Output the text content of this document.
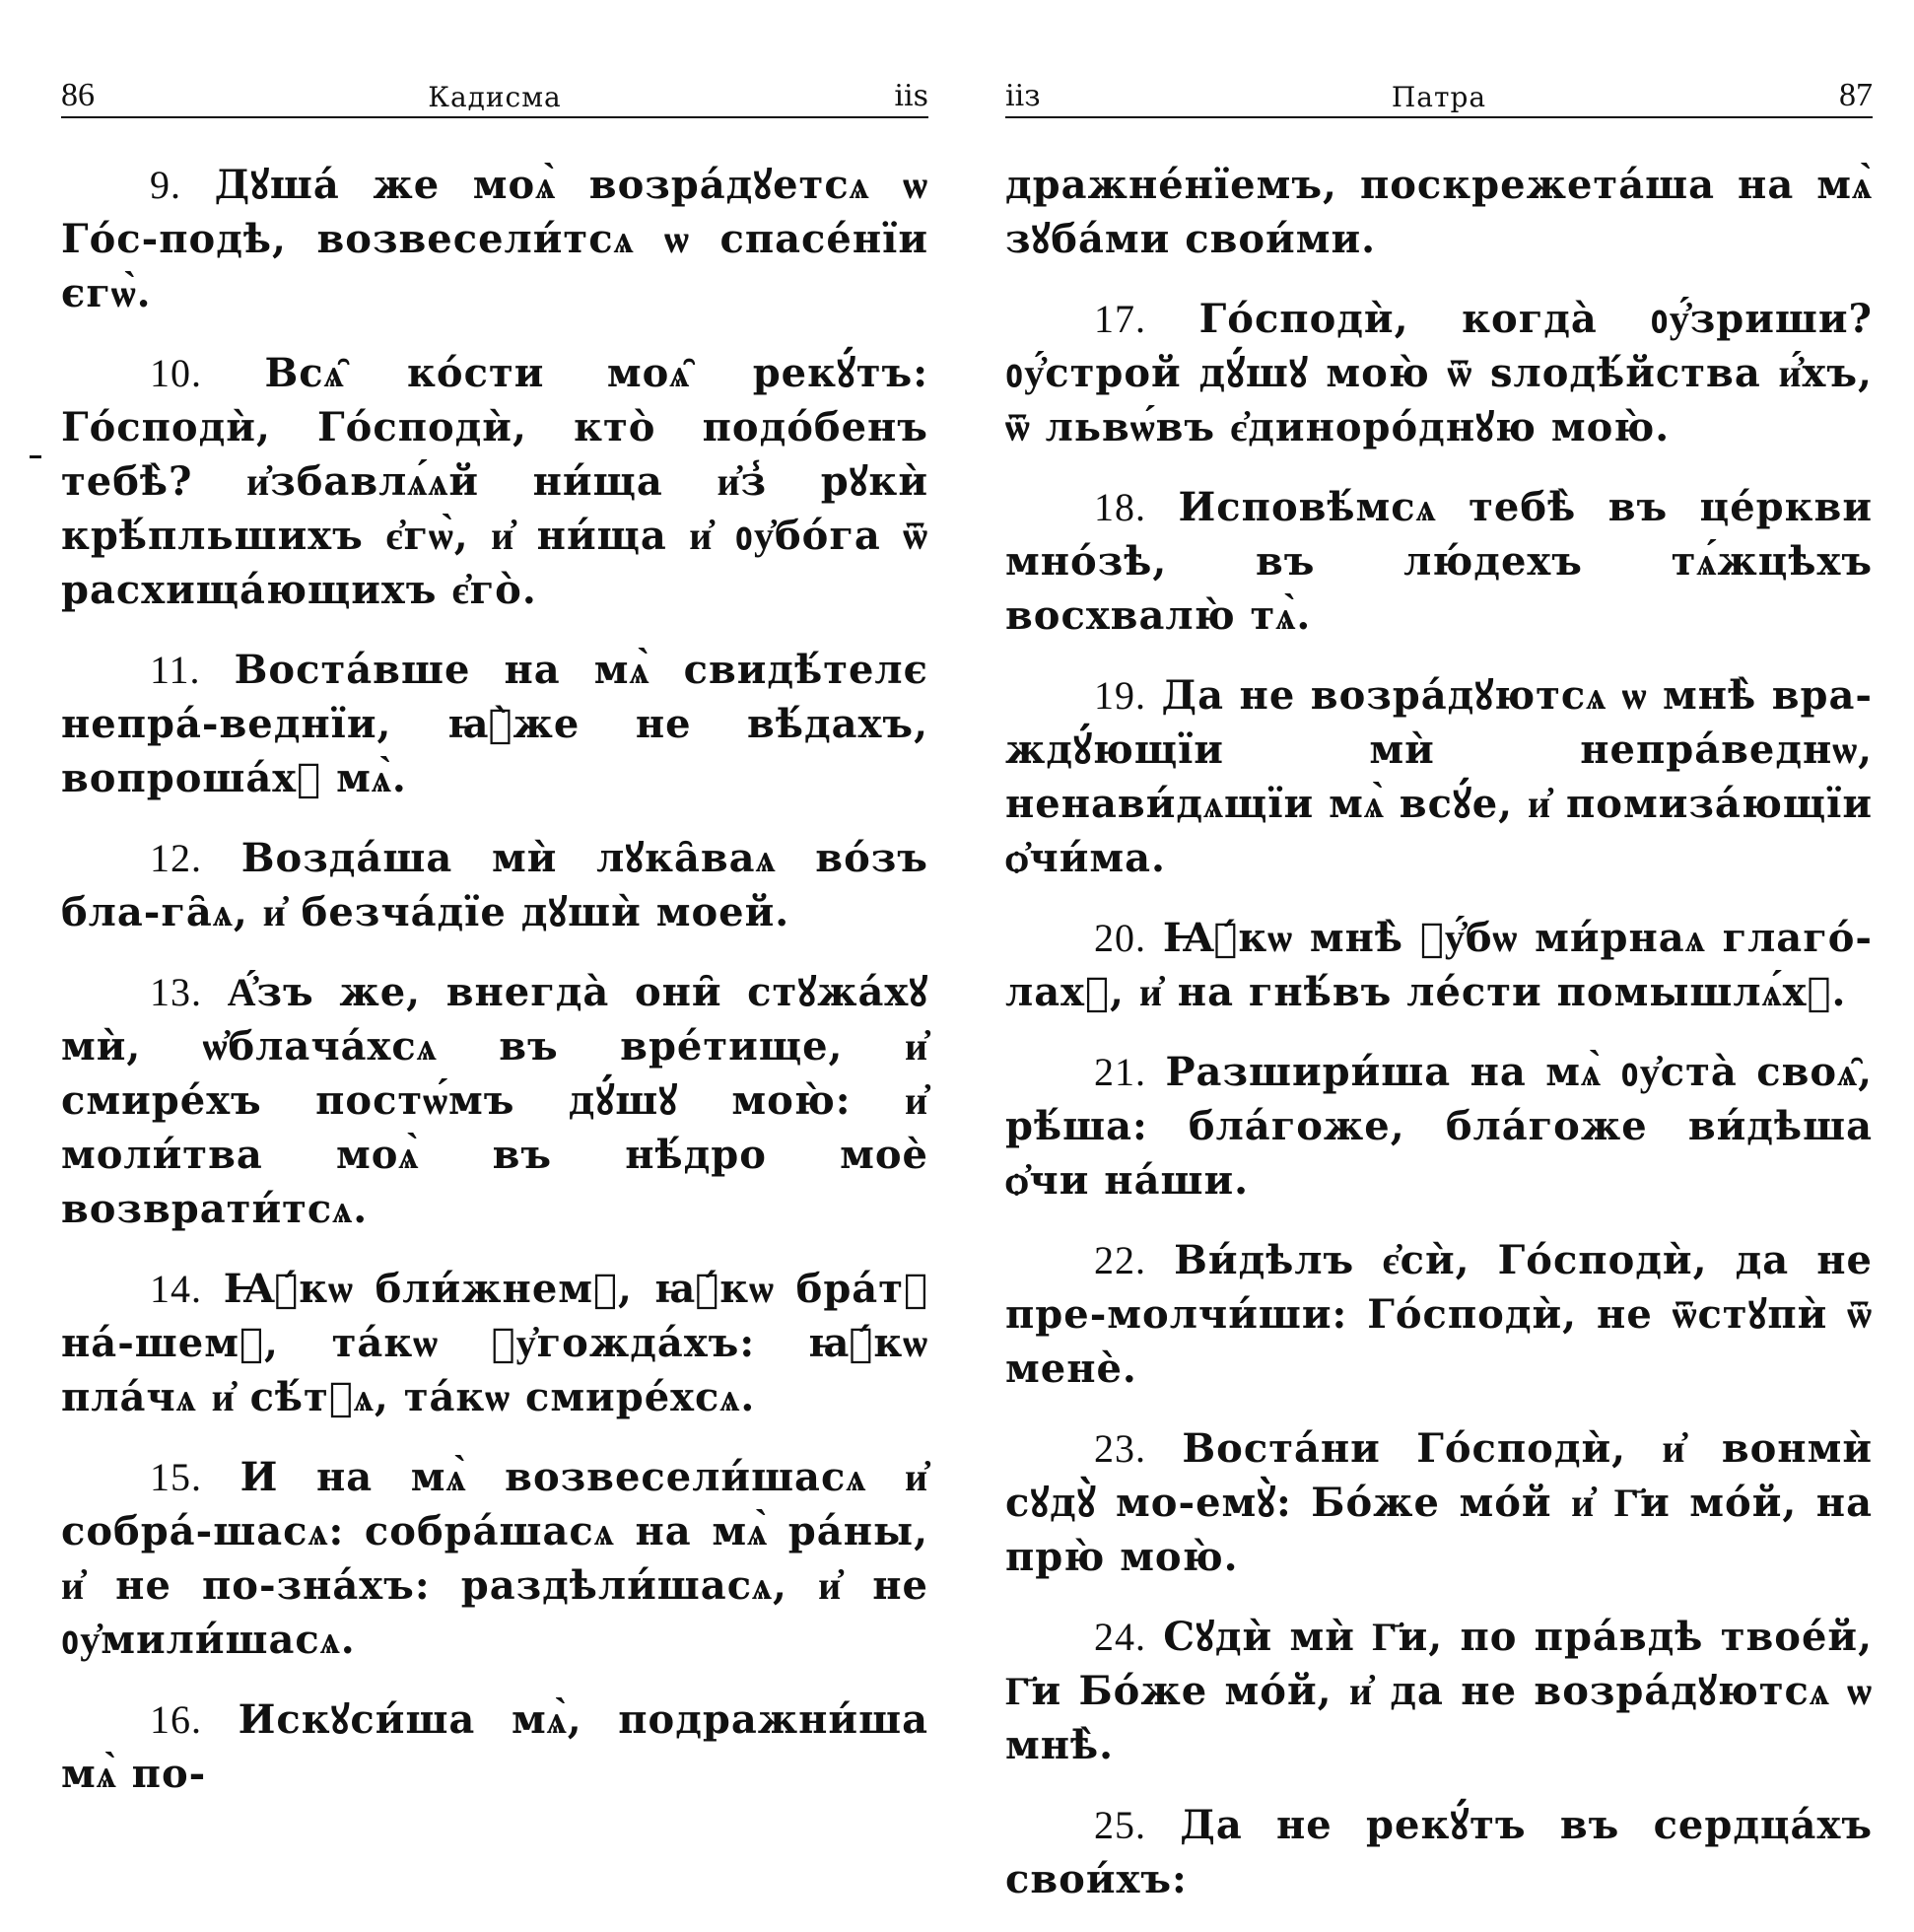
86	Кадисма	ііѕ

9. Дꙋша́ же моѧ̀ возра́дꙋетсѧ ѡ Го́с-подѣ, возвесели́тсѧ ѡ спасе́нїи єгѡ̀.

10. Всѧ̑ ко́сти моѧ̑ рекꙋ́тъ: Го́сподѝ, Го́сподѝ, кто̀ подо́бенъ тебѣ̀? и҆збавлѧ́ѧй ни́ща и҆з̾ рꙋкѝ крѣ́пльшихъ є҆гѡ̀, и҆ ни́ща и҆ ᲂу҆бо́га ѿ расхища́ющихъ є҆го̀.

11. Воста́вше на мѧ̀ свидѣ́телє непра́-веднїи, ꙗ҆̀же не вѣ́дахъ, вопроша́хꙋ мѧ̀.

12. Возда́ша мѝ лꙋка̑ваѧ во́зъ бла-га̑ѧ, и҆ безча́дїе дꙋшѝ моей.

13. А҆́зъ же, внегда̀ они̑ стꙋжа́хꙋ мѝ, ѡ҆блача́хсѧ въ вре́тище, и҆ смире́хъ постѡ́мъ дꙋ́шꙋ мою̀: и҆ моли́тва моѧ̀ въ нѣ́дро моѐ возврати́тсѧ.

14. Ꙗ҆́кѡ бли́жнемꙋ, ꙗ҆́кѡ бра́тꙋ на́-шемꙋ, та́кѡ ᲂу҆гожда́хъ: ꙗ҆́кѡ пла́чѧ и҆ сѣ́тꙋѧ, та́кѡ смире́хсѧ.

15. И на мѧ̀ возвесели́шасѧ и҆ собра́-шасѧ: собра́шасѧ на мѧ̀ ра́ны, и҆ не по-зна́хъ: раздѣли́шасѧ, и҆ не ᲂу҆мили́шасѧ.

16. Искꙋси́ша мѧ̀, подражни́ша мѧ̀ по-

ііз	Патра	87

дражне́нїемъ, поскрежета́ша на мѧ̀ зꙋба́ми свои́ми.

17. Го́сподѝ, когда̀ ᲂу҆́зриши? ᲂу҆́строй дꙋ́шꙋ мою̀ ѿ ѕлодѣ́йства и҆́хъ, ѿ львѡ́въ є҆диноро́днꙋю мою̀.

18. Исповѣ́мсѧ тебѣ̀ въ це́ркви мно́зѣ, въ лю́дехъ тѧ́жцѣхъ восхвалю̀ тѧ̀.

19. Да не возра́дꙋютсѧ ѡ мнѣ̀ вра-ждꙋ́ющїи мѝ непра́веднѡ, ненави́дѧщїи мѧ̀ всꙋ́е, и҆ помиза́ющїи ѻ҆чи́ма.

20. Ꙗ҆́кѡ мнѣ̀ ᲂу҆́бѡ ми́рнаѧ глаго́-лахꙋ, и҆ на гнѣ́въ ле́сти помышлѧ́хꙋ.

21. Разшири́ша на мѧ̀ ᲂу҆ста̀ своѧ̑, рѣ́ша: бла́гоже, бла́гоже ви́дѣша ѻ҆чи на́ши.

22. Ви́дѣлъ є҆сѝ, Го́сподѝ, да не пре-молчи́ши: Го́сподѝ, не ѿстꙋпѝ ѿ менѐ.

23. Воста́ни Го́сподѝ, и҆ вонмѝ сꙋдꙋ̀ мо-емꙋ̀: Бо́же мо́й и҆ Г҃и мо́й, на прю̀ мою̀.

24. Сꙋдѝ мѝ Г҃и, по пра́вдѣ твое́й, Г҃и Бо́же мо́й, и҆ да не возра́дꙋютсѧ ѡ мнѣ̀.

25. Да не рекꙋ́тъ въ сердца́хъ свои́хъ:
